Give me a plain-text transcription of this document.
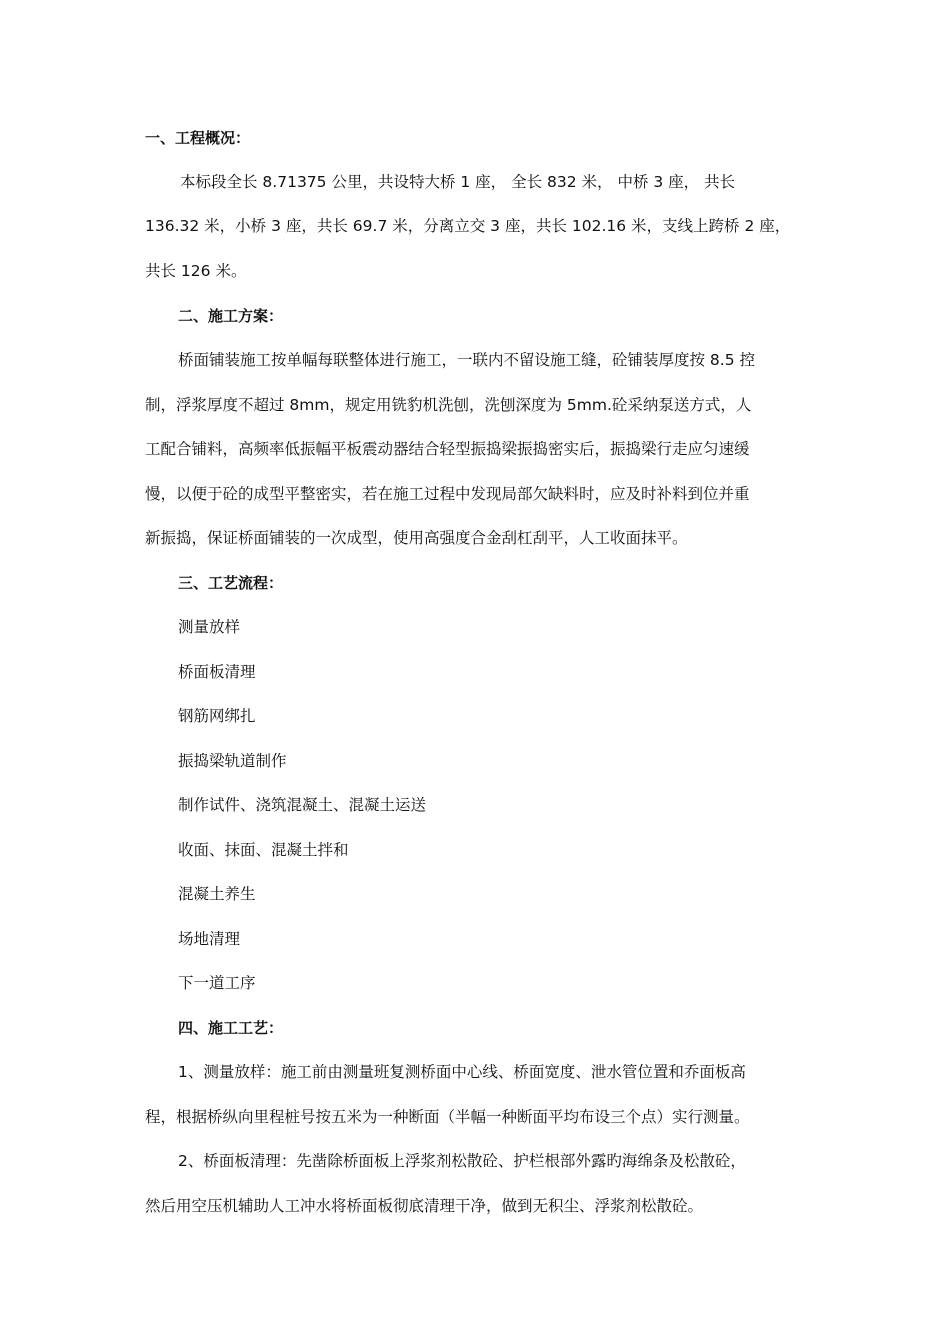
一、工程概况：
本标段全长 8.71375 公里，共设特大桥 1 座， 全长 832 米， 中桥 3 座， 共长
136.32 米，小桥 3 座，共长 69.7 米，分离立交 3 座，共长 102.16 米，支线上跨桥 2 座，
共长 126 米。
二、施工方案：
桥面铺装施工按单幅每联整体进行施工，一联内不留设施工缝，砼铺装厚度按 8.5 控
制，浮浆厚度不超过 8mm，规定用铣豹机洗刨，洗刨深度为 5mm.砼采纳泵送方式，人
工配合铺料，高频率低振幅平板震动器结合轻型振捣梁振捣密实后，振捣梁行走应匀速缓
慢，以便于砼的成型平整密实，若在施工过程中发现局部欠缺料时，应及时补料到位并重
新振捣，保证桥面铺装的一次成型，使用高强度合金刮杠刮平，人工收面抹平。
三、工艺流程：
测量放样
桥面板清理
钢筋网绑扎
振捣梁轨道制作
制作试件、浇筑混凝土、混凝土运送
收面、抹面、混凝土拌和
混凝土养生
场地清理
下一道工序
四、施工工艺：
1、测量放样：施工前由测量班复测桥面中心线、桥面宽度、泄水管位置和乔面板高
程，根据桥纵向里程桩号按五米为一种断面（半幅一种断面平均布设三个点）实行测量。
2、桥面板清理：先凿除桥面板上浮浆剂松散砼、护栏根部外露旳海绵条及松散砼，
然后用空压机辅助人工冲水将桥面板彻底清理干净，做到无积尘、浮浆剂松散砼。
